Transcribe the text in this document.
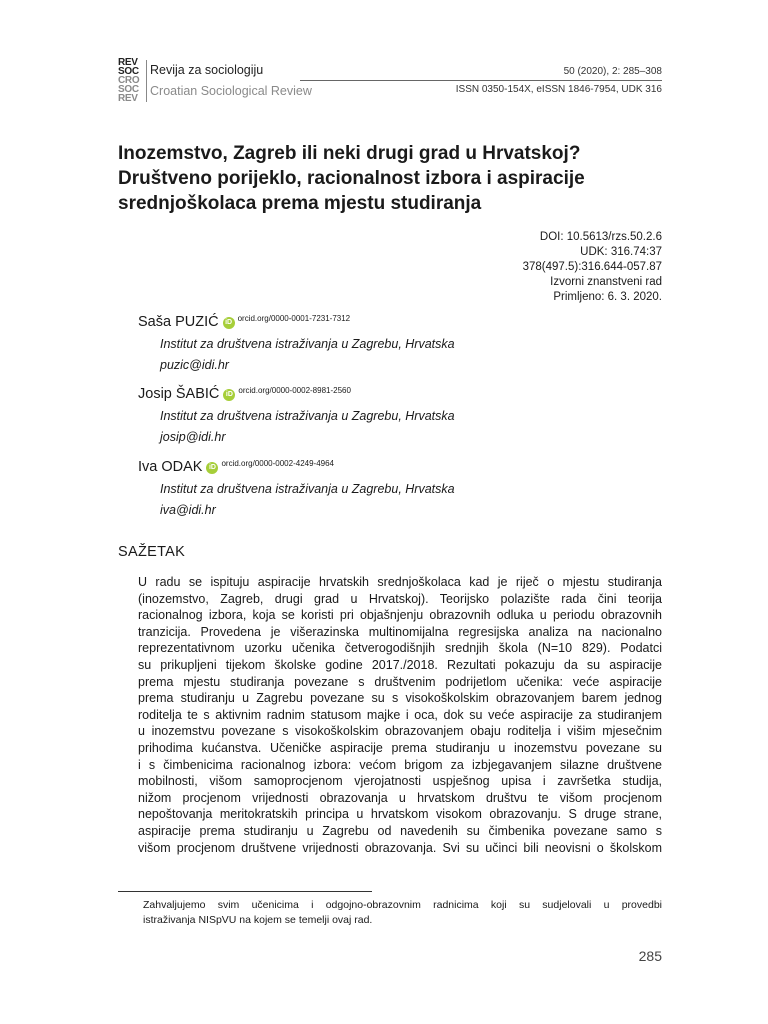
REV
SOC
CRO
SOC
REV
Revija za sociologiju
Croatian Sociological Review
50 (2020), 2: 285–308
ISSN 0350-154X, eISSN 1846-7954, UDK 316
Inozemstvo, Zagreb ili neki drugi grad u Hrvatskoj?
Društveno porijeklo, racionalnost izbora i aspiracije
srednjoškolaca prema mjestu studiranja
DOI: 10.5613/rzs.50.2.6
UDK: 316.74:37
378(497.5):316.644-057.87
Izvorni znanstveni rad
Primljeno: 6. 3. 2020.
Saša PUZIĆ iD $^{orcid.org/0000-0001-7231-7312}$
Institut za društvena istraživanja u Zagrebu, Hrvatska
puzic@idi.hr
Josip ŠABIĆ iD $^{orcid.org/0000-0002-8981-2560}$
Institut za društvena istraživanja u Zagrebu, Hrvatska
josip@idi.hr
Iva ODAK iD $^{orcid.org/0000-0002-4249-4964}$
Institut za društvena istraživanja u Zagrebu, Hrvatska
iva@idi.hr
SAŽETAK
U radu se ispituju aspiracije hrvatskih srednjoškolaca kad je riječ o mjestu studiranja
(inozemstvo, Zagreb, drugi grad u Hrvatskoj). Teorijsko polazište rada čini teorija
racionalnog izbora, koja se koristi pri objašnjenju obrazovnih odluka u periodu obrazovnih
tranzicija. Provedena je višerazinska multinomijalna regresijska analiza na nacionalno
reprezentativnom uzorku učenika četverogodišnjih srednjih škola (N=10 829). Podatci
su prikupljeni tijekom školske godine 2017./2018. Rezultati pokazuju da su aspiracije
prema mjestu studiranja povezane s društvenim podrijetlom učenika: veće aspiracije
prema studiranju u Zagrebu povezane su s visokoškolskim obrazovanjem barem jednog
roditelja te s aktivnim radnim statusom majke i oca, dok su veće aspiracije za studiranjem
u inozemstvu povezane s visokoškolskim obrazovanjem obaju roditelja i višim mjesečnim
prihodima kućanstva. Učeničke aspiracije prema studiranju u inozemstvu povezane su
i s čimbenicima racionalnog izbora: većom brigom za izbjegavanjem silazne društvene
mobilnosti, višom samoprocjenom vjerojatnosti uspješnog upisa i završetka studija,
nižom procjenom vrijednosti obrazovanja u hrvatskom društvu te višom procjenom
nepoštovanja meritokratskih principa u hrvatskom visokom obrazovanju. S druge strane,
aspiracije prema studiranju u Zagrebu od navedenih su čimbenika povezane samo s
višom procjenom društvene vrijednosti obrazovanja. Svi su učinci bili neovisni o školskom
Zahvaljujemo svim učenicima i odgojno-obrazovnim radnicima koji su sudjelovali u provedbi
istraživanja NISpVU na kojem se temelji ovaj rad.
285
